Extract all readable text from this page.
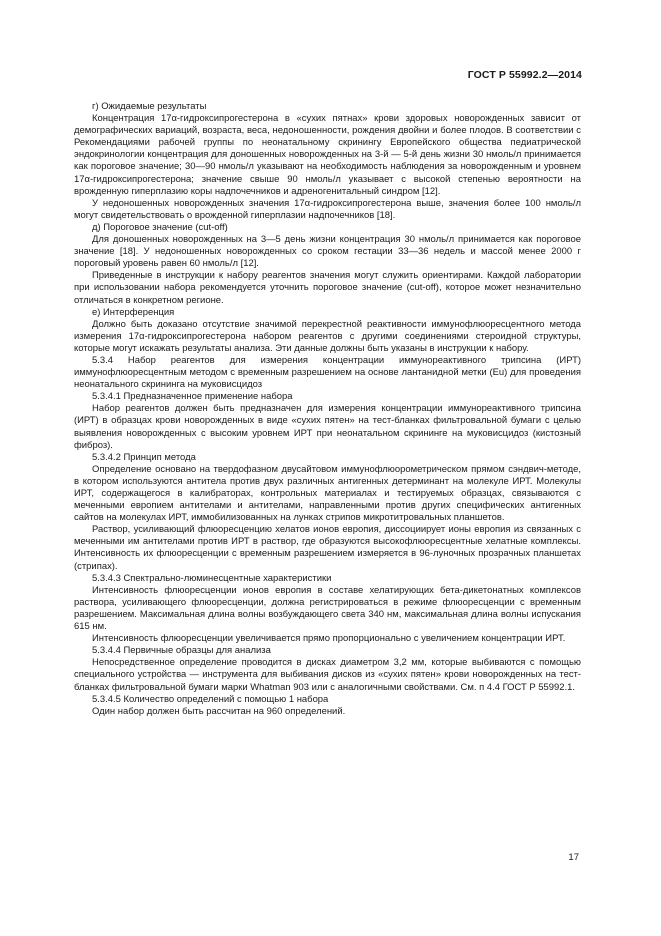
ГОСТ Р 55992.2—2014

г) Ожидаемые результаты

Концентрация 17α-гидроксипрогестерона в «сухих пятнах» крови здоровых новорожденных зависит от демографических вариаций, возраста, веса, недоношенности, рождения двойни и более плодов. В соответствии с Рекомендациями рабочей группы по неонатальному скринингу Европейского общества педиатрической эндокринологии концентрация для доношенных новорожденных на 3-й — 5-й день жизни 30 нмоль/л принимается как пороговое значение; 30—90 нмоль/л указывают на необходимость наблюдения за новорожденным и уровнем 17α-гидроксипрогестерона; значение свыше 90 нмоль/л указывает с высокой степенью вероятности на врожденную гиперплазию коры надпочечников и адреногенитальный синдром [12].

У недоношенных новорожденных значения 17α-гидроксипрогестерона выше, значения более 100 нмоль/л могут свидетельствовать о врожденной гиперплазии надпочечников [18].

д) Пороговое значение (cut-off)

Для доношенных новорожденных на 3—5 день жизни концентрация 30 нмоль/л принимается как пороговое значение [18]. У недоношенных новорожденных со сроком гестации 33—36 недель и массой менее 2000 г пороговый уровень равен 60 нмоль/л [12].

Приведенные в инструкции к набору реагентов значения могут служить ориентирами. Каждой лаборатории при использовании набора рекомендуется уточнить пороговое значение (cut-off), которое может незначительно отличаться в конкретном регионе.

е) Интерференция

Должно быть доказано отсутствие значимой перекрестной реактивности иммунофлюоресцентного метода измерения 17α-гидроксипрогестерона набором реагентов с другими соединениями стероидной структуры, которые могут искажать результаты анализа. Эти данные должны быть указаны в инструкции к набору.

5.3.4 Набор реагентов для измерения концентрации иммунореактивного трипсина (ИРТ) иммунофлюоресцентным методом с временным разрешением на основе лантанидной метки (Eu) для проведения неонатального скрининга на муковисцидоз

5.3.4.1 Предназначенное применение набора

Набор реагентов должен быть предназначен для измерения концентрации иммунореактивного трипсина (ИРТ) в образцах крови новорожденных в виде «сухих пятен» на тест-бланках фильтровальной бумаги с целью выявления новорожденных с высоким уровнем ИРТ при неонатальном скрининге на муковисцидоз (кистозный фиброз).

5.3.4.2 Принцип метода

Определение основано на твердофазном двусайтовом иммунофлюорометрическом прямом сэндвич-методе, в котором используются антитела против двух различных антигенных детерминант на молекуле ИРТ. Молекулы ИРТ, содержащегося в калибраторах, контрольных материалах и тестируемых образцах, связываются с меченными европием антителами и антителами, направленными против других специфических антигенных сайтов на молекулах ИРТ, иммобилизованных на лунках стрипов микротитровальных планшетов.

Раствор, усиливающий флюоресценцию хелатов ионов европия, диссоциирует ионы европия из связанных с меченными им антителами против ИРТ в раствор, где образуются высокофлюоресцентные хелатные комплексы. Интенсивность их флюоресценции с временным разрешением измеряется в 96-луночных прозрачных планшетах (стрипах).

5.3.4.3 Спектрально-люминесцентные характеристики

Интенсивность флюоресценции ионов европия в составе хелатирующих бета-дикетонатных комплексов раствора, усиливающего флюоресценции, должна регистрироваться в режиме флюоресценции с временным разрешением. Максимальная длина волны возбуждающего света 340 нм, максимальная длина волны испускания 615 нм.

Интенсивность флюоресценции увеличивается прямо пропорционально с увеличением концентрации ИРТ.

5.3.4.4 Первичные образцы для анализа

Непосредственное определение проводится в дисках диаметром 3,2 мм, которые выбиваются с помощью специального устройства — инструмента для выбивания дисков из «сухих пятен» крови новорожденных на тест-бланках фильтровальной бумаги марки Whatman 903 или с аналогичными свойствами. См. п 4.4 ГОСТ Р 55992.1.

5.3.4.5 Количество определений с помощью 1 набора

Один набор должен быть рассчитан на 960 определений.

17
